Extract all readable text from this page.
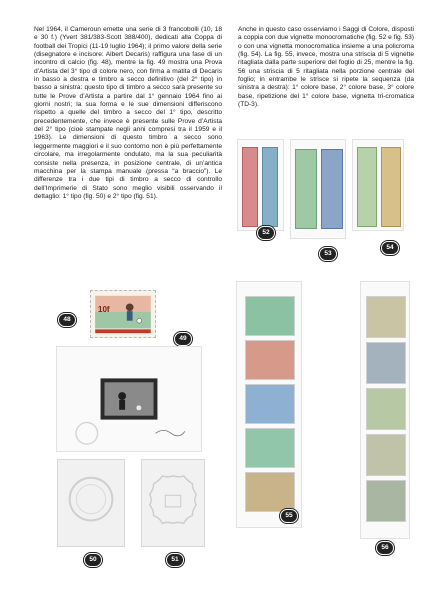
Nel 1964, il Cameroun emette una serie di 3 francobolli (10, 18 e 30 f.) (Yvert 381/383-Scott 388/400), dedicati alla Coppa di football dei Tropici (11-19 luglio 1964); il primo valore della serie (disegnatore e incisore: Albert Decaris) raffigura una fase di un incontro di calcio (fig. 48), mentre la fig. 49 mostra una Prova d’Artista del 3° tipo di colore nero, con firma a matita di Decaris in basso a destra e timbro a secco definitivo (del 2° tipo) in basso a sinistra: questo tipo di timbro a secco sarà presente su tutte le Prove d’Artista a partire dal 1° gennaio 1964 fino ai giorni nostri; la sua forma e le sue dimensioni differiscono rispetto a quelle del timbro a secco del 1° tipo, descritto precedentemente, che invece è presente sulle Prove d’Artista del 2° tipo (cioè stampate negli anni compresi tra il 1959 e il 1963). Le dimensioni di questo timbro a secco sono leggermente maggiori e il suo contorno non è più perfettamente circolare, ma irregolarmente ondulato, ma la sua peculiarità consiste nella presenza, in posizione centrale, di un’antica macchina per la stampa manuale (pressa “a braccio”). Le differenze tra i due tipi di timbro a secco di controllo dell’Imprimerie di Stato sono meglio visibili osservando il dettaglio: 1° tipo (fig. 50) e 2° tipo (fig. 51).
Anche in questo caso osserviamo i Saggi di Colore, disposti a coppia con due vignette monocromatiche (fig. 52 e fig. 53) o con una vignetta monocromatica insieme a una policroma (fig. 54). La fig. 55, invece, mostra una striscia di 5 vignette ritagliata dalla parte superiore del foglio di 25, mentre la fig. 56 una striscia di 5 ritagliata nella porzione centrale del foglio; in entrambe le strisce si ripete la sequenza (da sinistra a destra): 1° colore base, 2° colore base, 3° colore base, ripetizione del 1° colore base, vignetta tri-cromatica (TD-3).
10f
48
49
50	51
52
53
54
55
56
